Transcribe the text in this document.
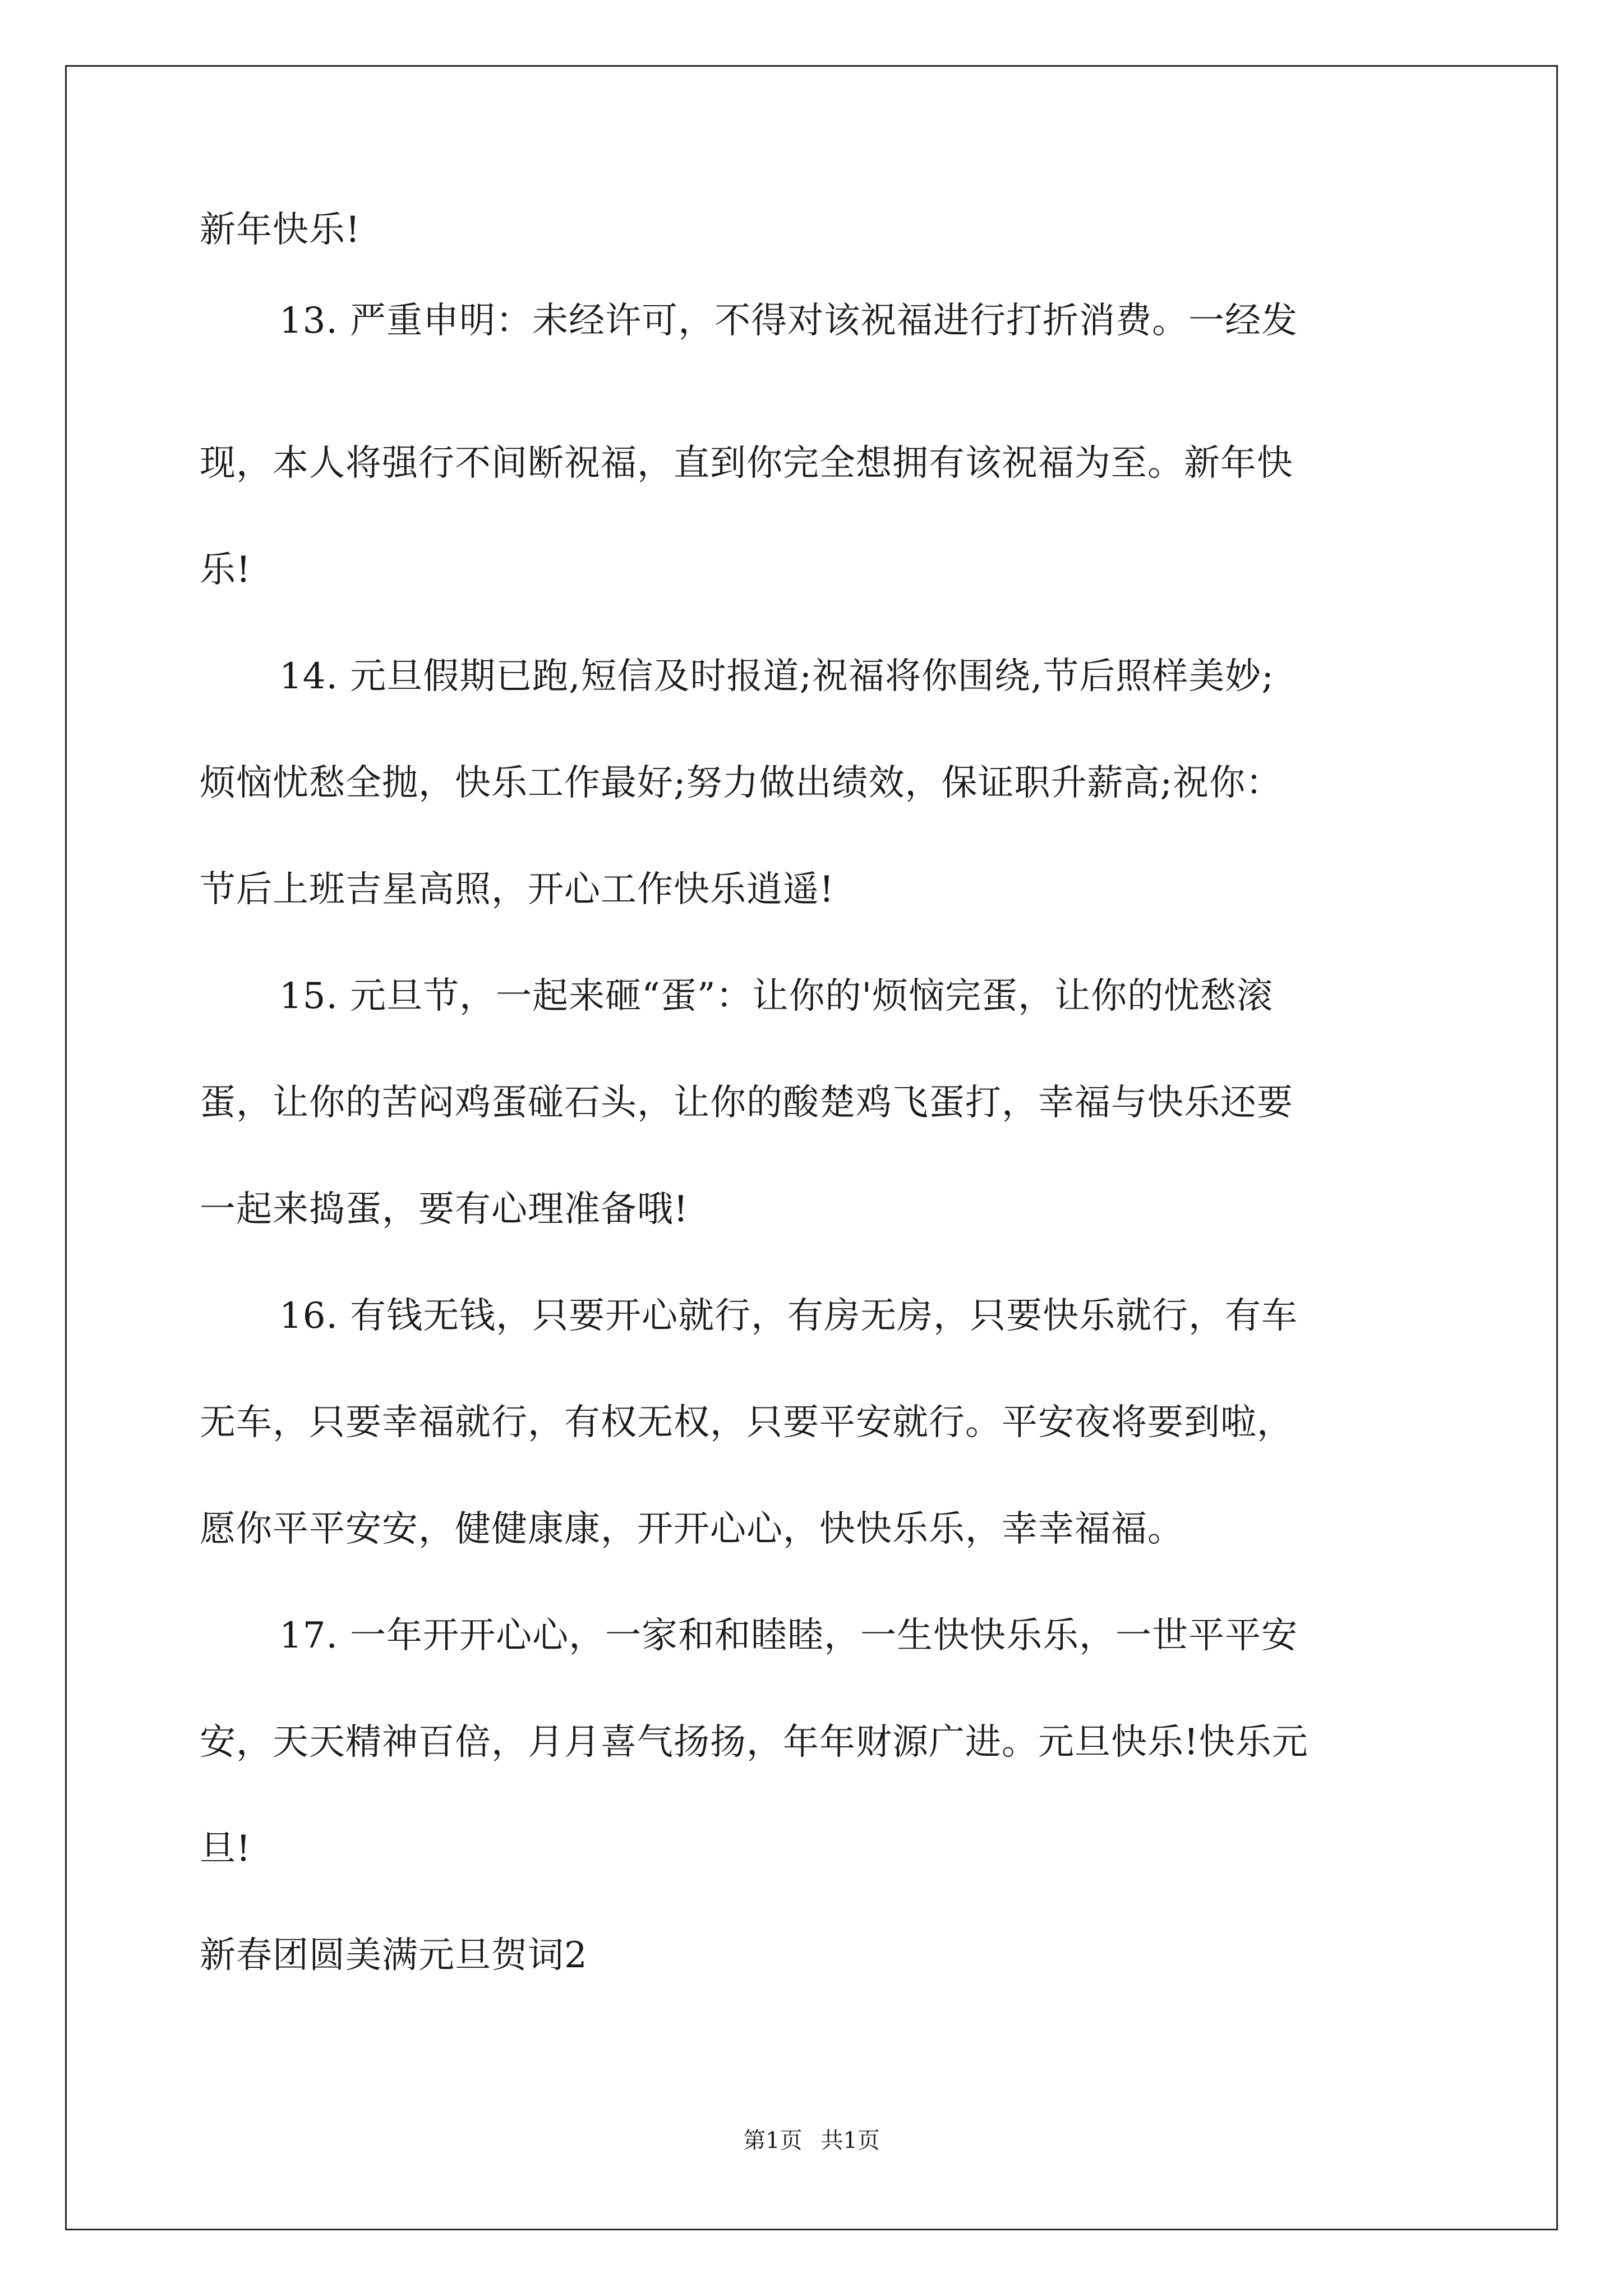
新年快乐!
13. 严重申明：未经许可，不得对该祝福进行打折消费。一经发
现，本人将强行不间断祝福，直到你完全想拥有该祝福为至。新年快
乐!
14. 元旦假期已跑,短信及时报道;祝福将你围绕,节后照样美妙;
烦恼忧愁全抛，快乐工作最好;努力做出绩效，保证职升薪高;祝你：
节后上班吉星高照，开心工作快乐逍遥!
15. 元旦节，一起来砸“蛋”：让你的'烦恼完蛋，让你的忧愁滚
蛋，让你的苦闷鸡蛋碰石头，让你的酸楚鸡飞蛋打，幸福与快乐还要
一起来捣蛋，要有心理准备哦!
16. 有钱无钱，只要开心就行，有房无房，只要快乐就行，有车
无车，只要幸福就行，有权无权，只要平安就行。平安夜将要到啦，
愿你平平安安，健健康康，开开心心，快快乐乐，幸幸福福。
17. 一年开开心心，一家和和睦睦，一生快快乐乐，一世平平安
安，天天精神百倍，月月喜气扬扬，年年财源广进。元旦快乐!快乐元
旦!
新春团圆美满元旦贺词2
第1页 共1页
